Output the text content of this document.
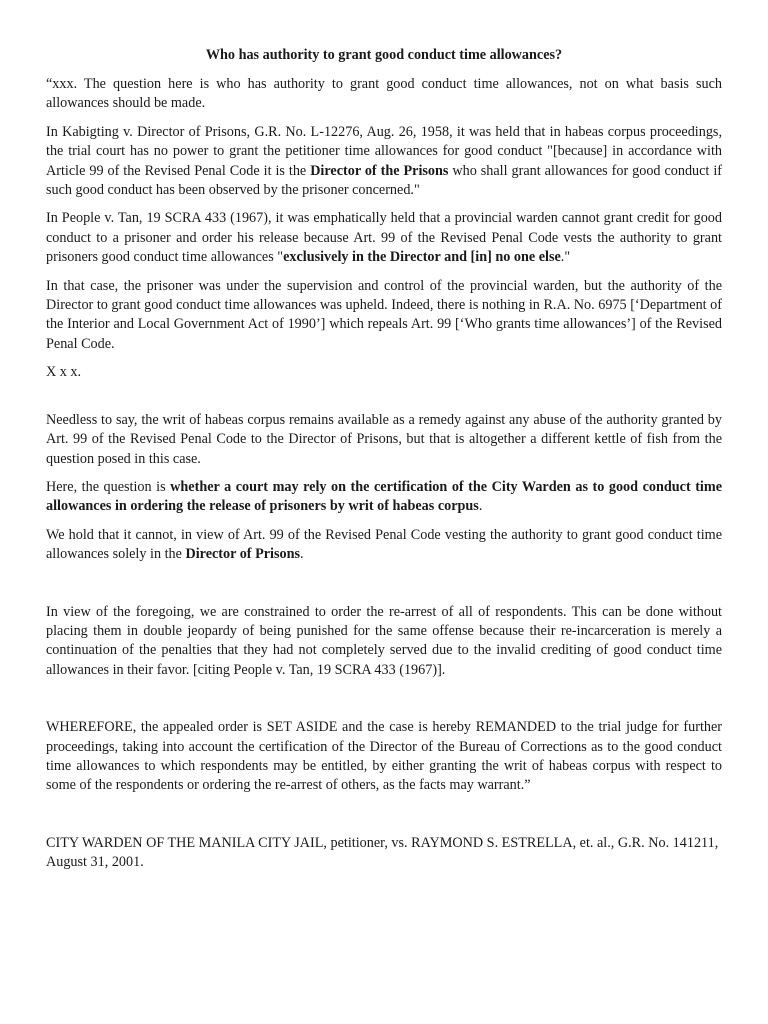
Who has authority to grant good conduct time allowances?

“xxx. The question here is who has authority to grant good conduct time allowances, not on what basis such allowances should be made.

In Kabigting v. Director of Prisons, G.R. No. L-12276, Aug. 26, 1958, it was held that in habeas corpus proceedings, the trial court has no power to grant the petitioner time allowances for good conduct "[because] in accordance with Article 99 of the Revised Penal Code it is the Director of the Prisons who shall grant allowances for good conduct if such good conduct has been observed by the prisoner concerned."

In People v. Tan, 19 SCRA 433 (1967), it was emphatically held that a provincial warden cannot grant credit for good conduct to a prisoner and order his release because Art. 99 of the Revised Penal Code vests the authority to grant prisoners good conduct time allowances "exclusively in the Director and [in] no one else."

In that case, the prisoner was under the supervision and control of the provincial warden, but the authority of the Director to grant good conduct time allowances was upheld. Indeed, there is nothing in R.A. No. 6975 [‘Department of the Interior and Local Government Act of 1990’] which repeals Art. 99 [‘Who grants time allowances’] of the Revised Penal Code.

X x x.

Needless to say, the writ of habeas corpus remains available as a remedy against any abuse of the authority granted by Art. 99 of the Revised Penal Code to the Director of Prisons, but that is altogether a different kettle of fish from the question posed in this case.

Here, the question is whether a court may rely on the certification of the City Warden as to good conduct time allowances in ordering the release of prisoners by writ of habeas corpus.

We hold that it cannot, in view of Art. 99 of the Revised Penal Code vesting the authority to grant good conduct time allowances solely in the Director of Prisons.

In view of the foregoing, we are constrained to order the re-arrest of all of respondents. This can be done without placing them in double jeopardy of being punished for the same offense because their re-incarceration is merely a continuation of the penalties that they had not completely served due to the invalid crediting of good conduct time allowances in their favor. [citing People v. Tan, 19 SCRA 433 (1967)].

WHEREFORE, the appealed order is SET ASIDE and the case is hereby REMANDED to the trial judge for further proceedings, taking into account the certification of the Director of the Bureau of Corrections as to the good conduct time allowances to which respondents may be entitled, by either granting the writ of habeas corpus with respect to some of the respondents or ordering the re-arrest of others, as the facts may warrant.”

CITY WARDEN OF THE MANILA CITY JAIL, petitioner, vs. RAYMOND S. ESTRELLA, et. al., G.R. No. 141211, August 31, 2001.
